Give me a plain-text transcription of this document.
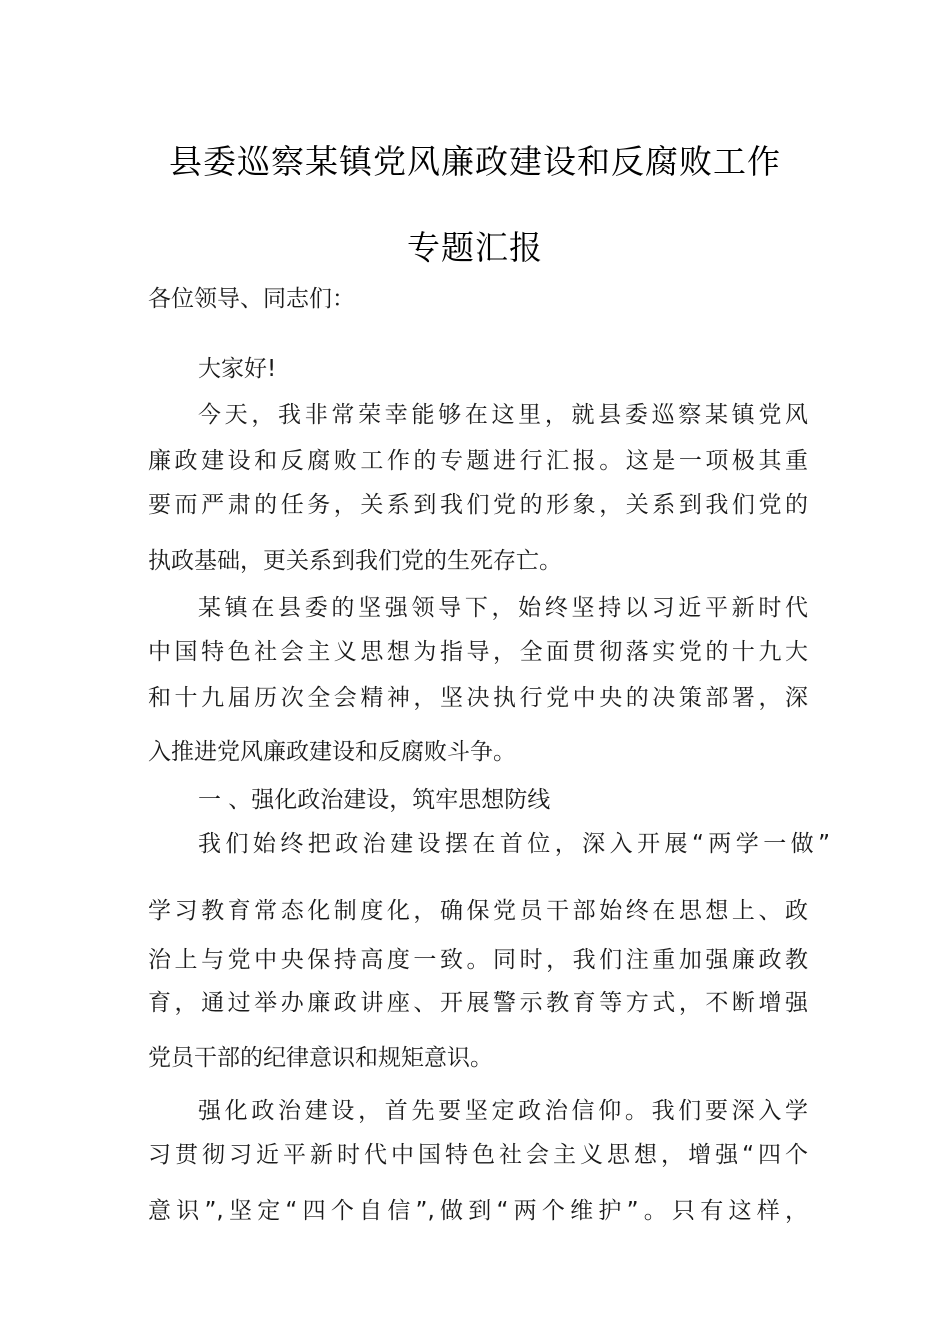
县委巡察某镇党风廉政建设和反腐败工作
专题汇报
各位领导、同志们：
大家好!
今天，我非常荣幸能够在这里，就县委巡察某镇党风
廉政建设和反腐败工作的专题进行汇报。这是一项极其重
要而严肃的任务，关系到我们党的形象，关系到我们党的
执政基础，更关系到我们党的生死存亡。
某镇在县委的坚强领导下，始终坚持以习近平新时代
中国特色社会主义思想为指导，全面贯彻落实党的十九大
和十九届历次全会精神，坚决执行党中央的决策部署，深
入推进党风廉政建设和反腐败斗争。
一 、强化政治建设，筑牢思想防线
我们始终把政治建设摆在首位，深入开展“两学一做”
学习教育常态化制度化，确保党员干部始终在思想上、政
治上与党中央保持高度一致。同时，我们注重加强廉政教
育，通过举办廉政讲座、开展警示教育等方式，不断增强
党员干部的纪律意识和规矩意识。
强化政治建设，首先要坚定政治信仰。我们要深入学
习贯彻习近平新时代中国特色社会主义思想，增强“四个
意识”,坚定“四个自信”,做到“两个维护”。只有这样，
